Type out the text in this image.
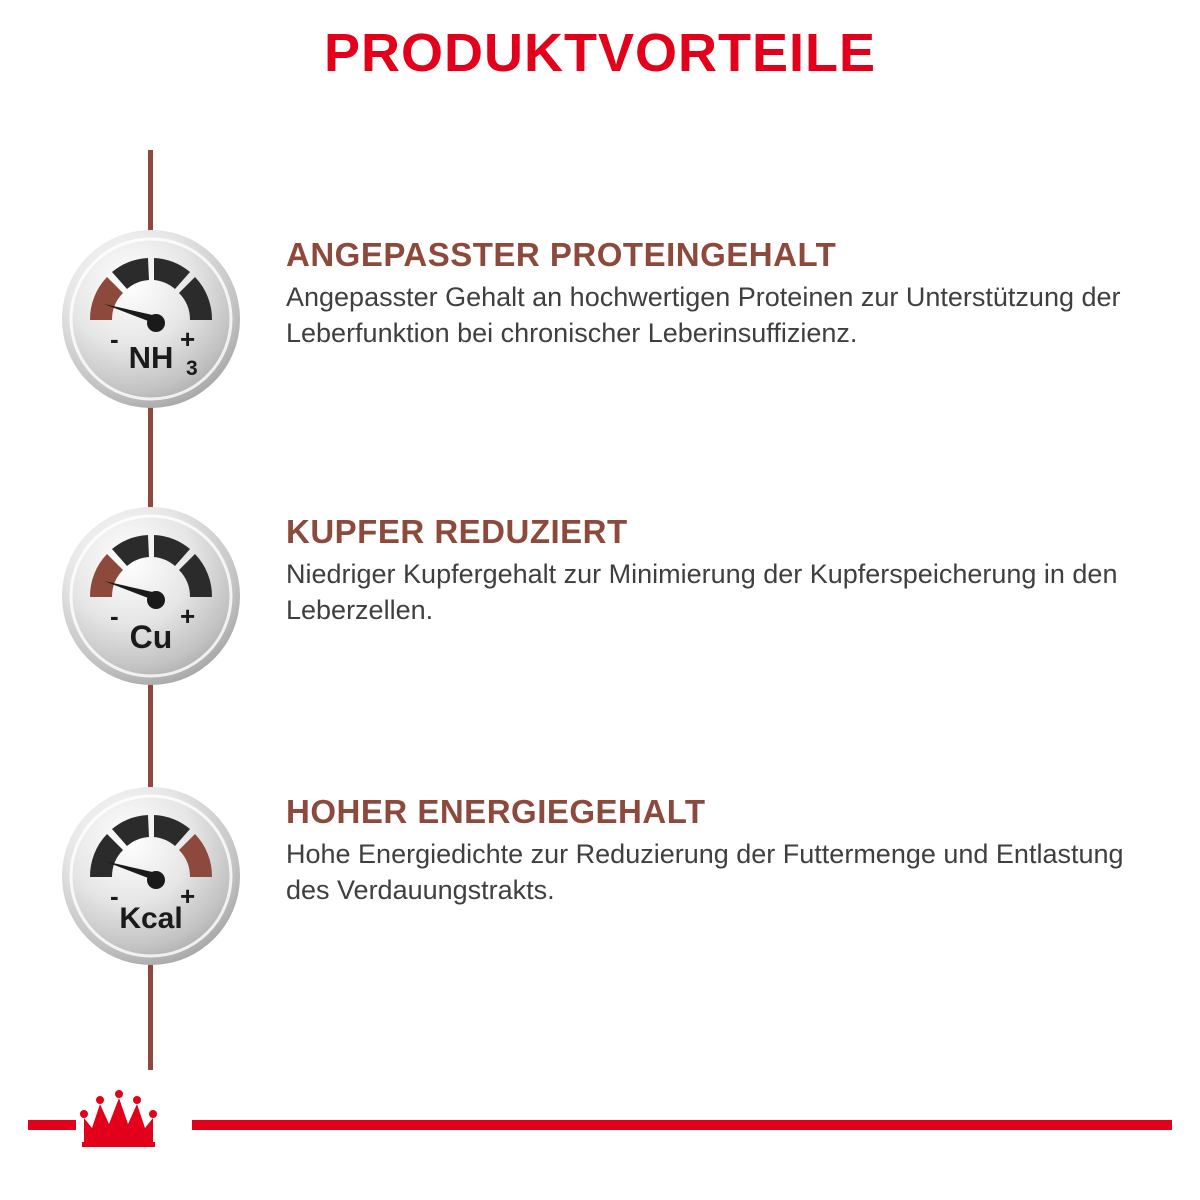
PRODUKTVORTEILE
- +
NH 3

ANGEPASSTER PROTEINGEHALT

Angepasster Gehalt an hochwertigen Proteinen zur Unterstützung der Leberfunktion bei chronischer Leberinsuffizienz.

- +
Cu

KUPFER REDUZIERT

Niedriger Kupfergehalt zur Minimierung der Kupferspeicherung in den Leberzellen.

- +
Kcal

HOHER ENERGIEGEHALT

Hohe Energiedichte zur Reduzierung der Futtermenge und Entlastung des Verdauungstrakts.
